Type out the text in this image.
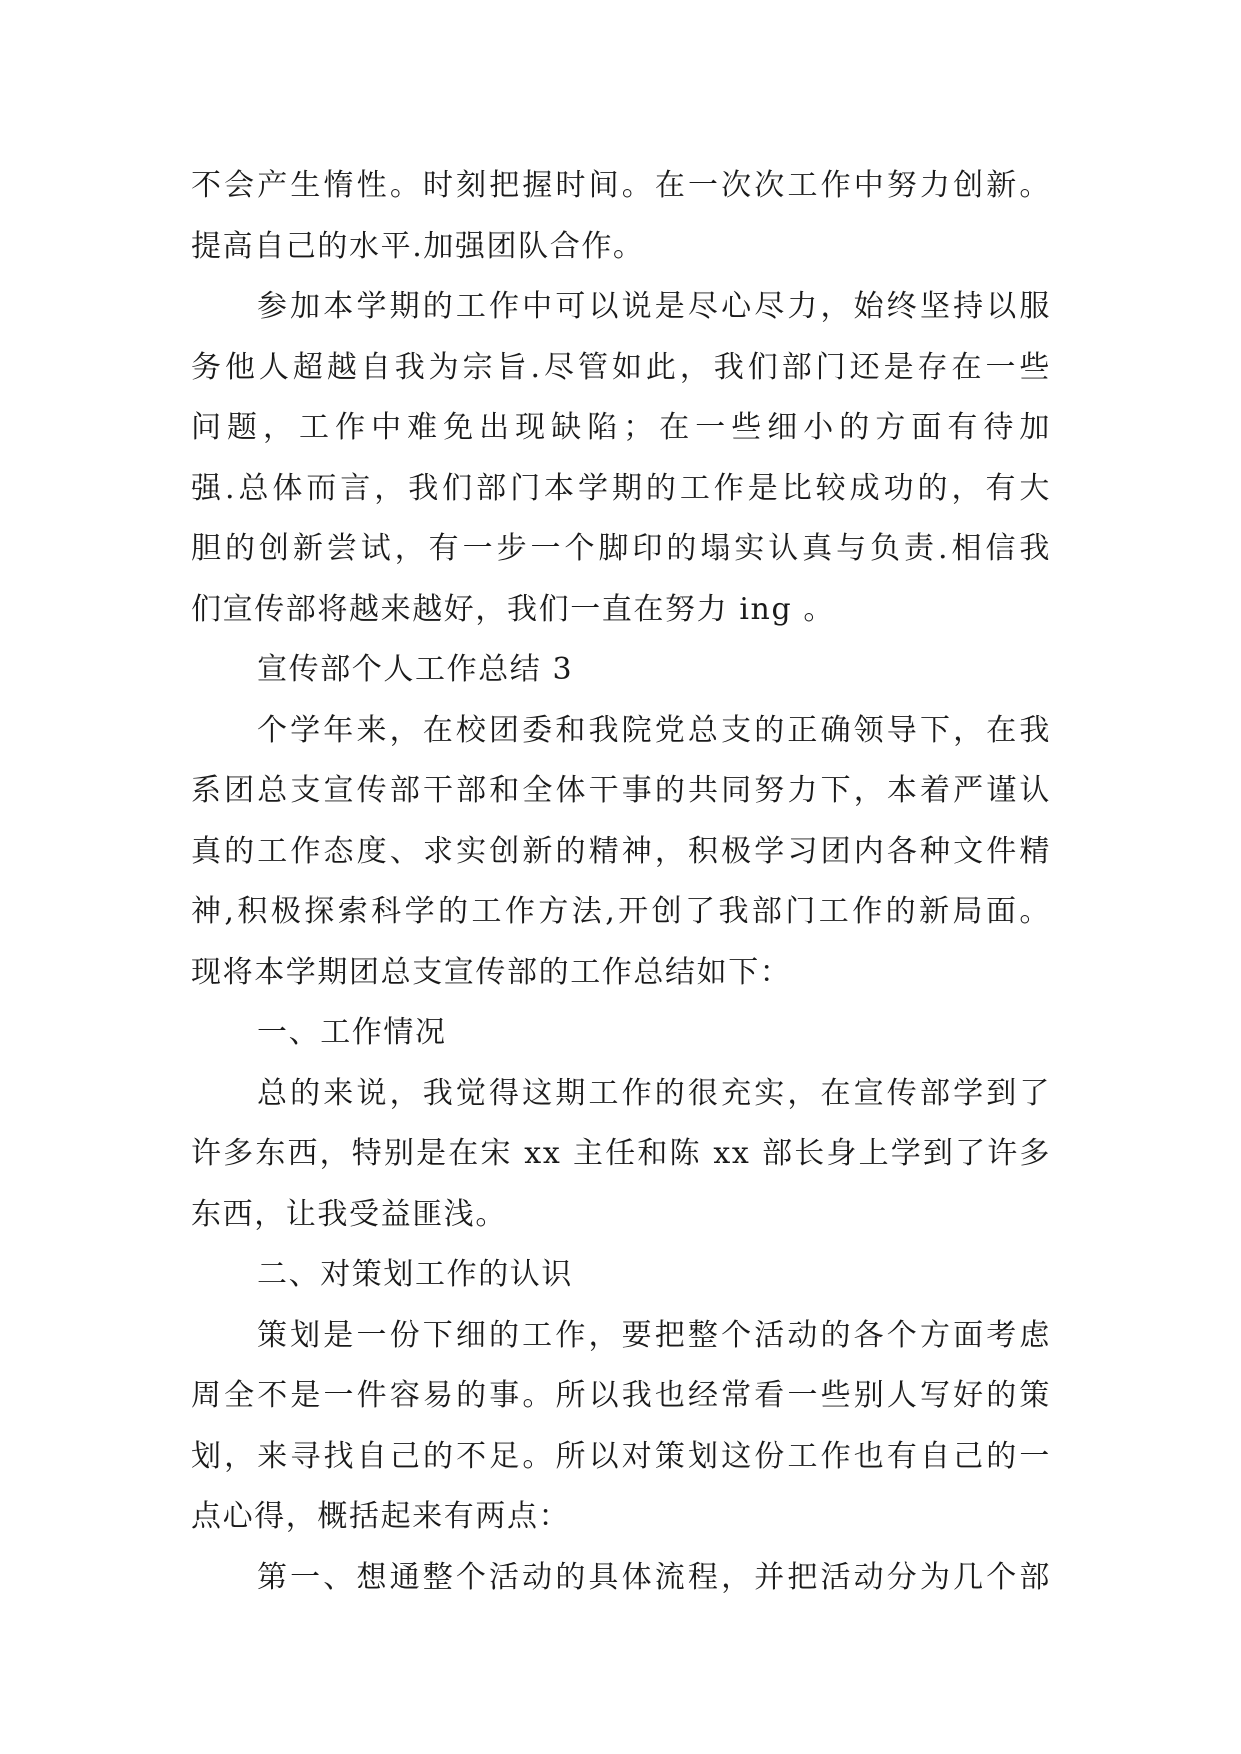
不会产生惰性。时刻把握时间。在一次次工作中努力创新。
提高自己的水平.加强团队合作。
参加本学期的工作中可以说是尽心尽力，始终坚持以服
务他人超越自我为宗旨.尽管如此，我们部门还是存在一些
问题，工作中难免出现缺陷；在一些细小的方面有待加
强.总体而言，我们部门本学期的工作是比较成功的，有大
胆的创新尝试，有一步一个脚印的塌实认真与负责.相信我
们宣传部将越来越好，我们一直在努力 ing 。
宣传部个人工作总结 3
个学年来，在校团委和我院党总支的正确领导下，在我
系团总支宣传部干部和全体干事的共同努力下，本着严谨认
真的工作态度、求实创新的精神，积极学习团内各种文件精
神,积极探索科学的工作方法,开创了我部门工作的新局面。
现将本学期团总支宣传部的工作总结如下：
一、工作情况
总的来说，我觉得这期工作的很充实，在宣传部学到了
许多东西，特别是在宋 xx 主任和陈 xx 部长身上学到了许多
东西，让我受益匪浅。
二、对策划工作的认识
策划是一份下细的工作，要把整个活动的各个方面考虑
周全不是一件容易的事。所以我也经常看一些别人写好的策
划，来寻找自己的不足。所以对策划这份工作也有自己的一
点心得，概括起来有两点：
第一、想通整个活动的具体流程，并把活动分为几个部
